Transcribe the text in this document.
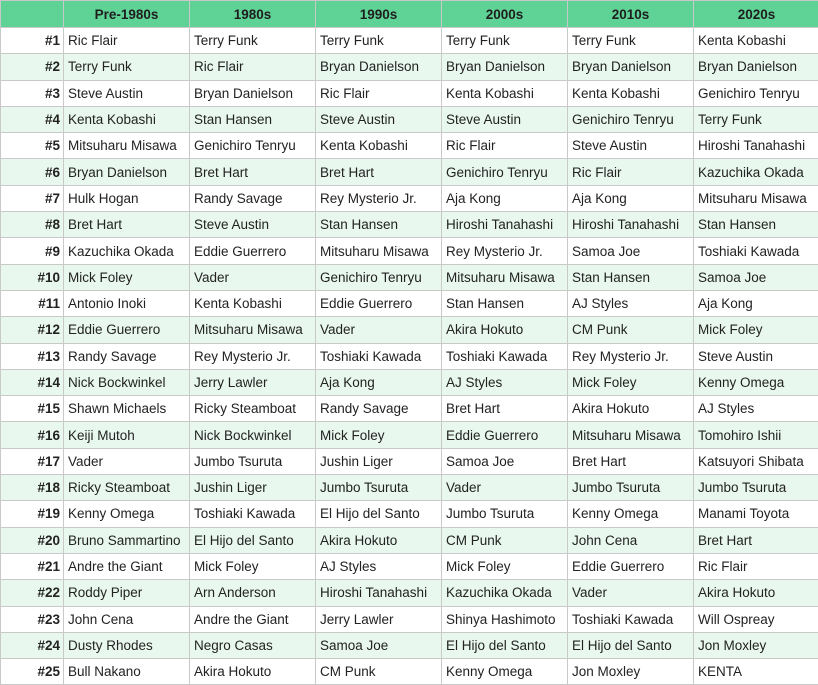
	Pre-1980s	1980s	1990s	2000s	2010s	2020s
#1	Ric Flair	Terry Funk	Terry Funk	Terry Funk	Terry Funk	Kenta Kobashi
#2	Terry Funk	Ric Flair	Bryan Danielson	Bryan Danielson	Bryan Danielson	Bryan Danielson
#3	Steve Austin	Bryan Danielson	Ric Flair	Kenta Kobashi	Kenta Kobashi	Genichiro Tenryu
#4	Kenta Kobashi	Stan Hansen	Steve Austin	Steve Austin	Genichiro Tenryu	Terry Funk
#5	Mitsuharu Misawa	Genichiro Tenryu	Kenta Kobashi	Ric Flair	Steve Austin	Hiroshi Tanahashi
#6	Bryan Danielson	Bret Hart	Bret Hart	Genichiro Tenryu	Ric Flair	Kazuchika Okada
#7	Hulk Hogan	Randy Savage	Rey Mysterio Jr.	Aja Kong	Aja Kong	Mitsuharu Misawa
#8	Bret Hart	Steve Austin	Stan Hansen	Hiroshi Tanahashi	Hiroshi Tanahashi	Stan Hansen
#9	Kazuchika Okada	Eddie Guerrero	Mitsuharu Misawa	Rey Mysterio Jr.	Samoa Joe	Toshiaki Kawada
#10	Mick Foley	Vader	Genichiro Tenryu	Mitsuharu Misawa	Stan Hansen	Samoa Joe
#11	Antonio Inoki	Kenta Kobashi	Eddie Guerrero	Stan Hansen	AJ Styles	Aja Kong
#12	Eddie Guerrero	Mitsuharu Misawa	Vader	Akira Hokuto	CM Punk	Mick Foley
#13	Randy Savage	Rey Mysterio Jr.	Toshiaki Kawada	Toshiaki Kawada	Rey Mysterio Jr.	Steve Austin
#14	Nick Bockwinkel	Jerry Lawler	Aja Kong	AJ Styles	Mick Foley	Kenny Omega
#15	Shawn Michaels	Ricky Steamboat	Randy Savage	Bret Hart	Akira Hokuto	AJ Styles
#16	Keiji Mutoh	Nick Bockwinkel	Mick Foley	Eddie Guerrero	Mitsuharu Misawa	Tomohiro Ishii
#17	Vader	Jumbo Tsuruta	Jushin Liger	Samoa Joe	Bret Hart	Katsuyori Shibata
#18	Ricky Steamboat	Jushin Liger	Jumbo Tsuruta	Vader	Jumbo Tsuruta	Jumbo Tsuruta
#19	Kenny Omega	Toshiaki Kawada	El Hijo del Santo	Jumbo Tsuruta	Kenny Omega	Manami Toyota
#20	Bruno Sammartino	El Hijo del Santo	Akira Hokuto	CM Punk	John Cena	Bret Hart
#21	Andre the Giant	Mick Foley	AJ Styles	Mick Foley	Eddie Guerrero	Ric Flair
#22	Roddy Piper	Arn Anderson	Hiroshi Tanahashi	Kazuchika Okada	Vader	Akira Hokuto
#23	John Cena	Andre the Giant	Jerry Lawler	Shinya Hashimoto	Toshiaki Kawada	Will Ospreay
#24	Dusty Rhodes	Negro Casas	Samoa Joe	El Hijo del Santo	El Hijo del Santo	Jon Moxley
#25	Bull Nakano	Akira Hokuto	CM Punk	Kenny Omega	Jon Moxley	KENTA
